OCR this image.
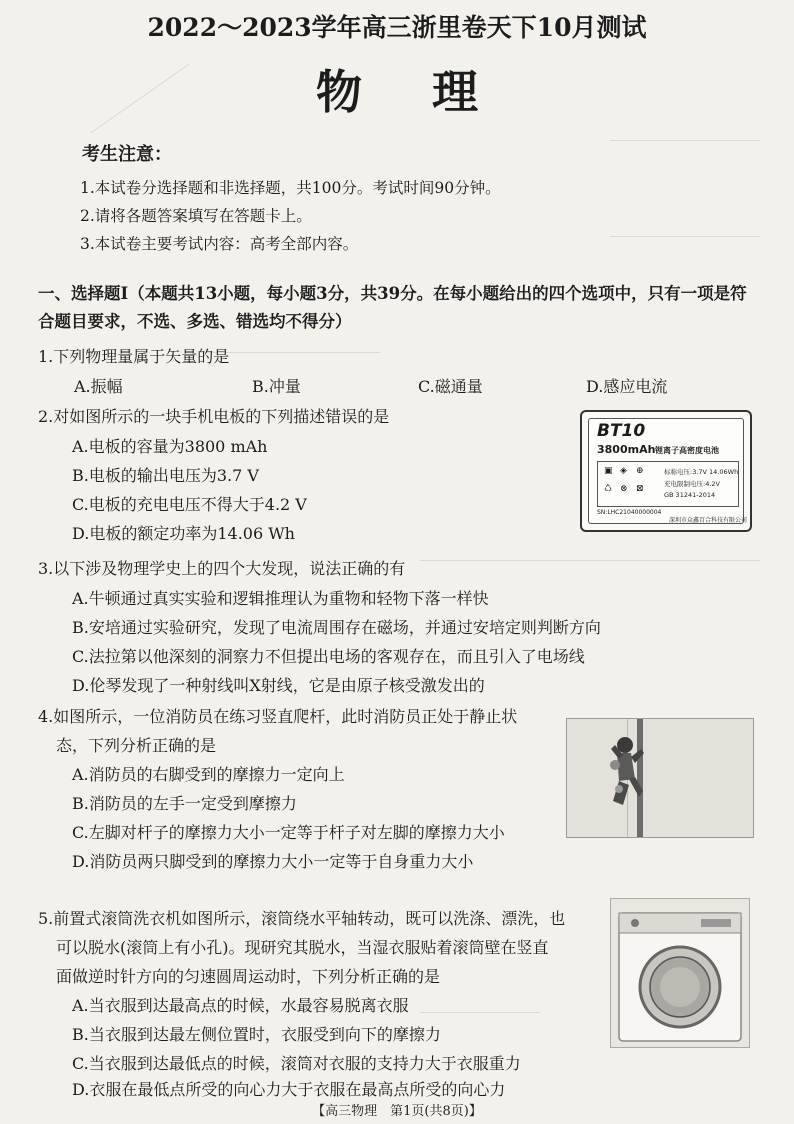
2022～2023学年高三浙里卷天下10月测试
物理
考生注意：
1.本试卷分选择题和非选择题，共100分。考试时间90分钟。
2.请将各题答案填写在答题卡上。
3.本试卷主要考试内容：高考全部内容。
一、选择题Ⅰ（本题共13小题，每小题3分，共39分。在每小题给出的四个选项中，只有一项是符合题目要求，不选、多选、错选均不得分）
1.下列物理量属于矢量的是
A.振幅	B.冲量	C.磁通量	D.感应电流
2.对如图所示的一块手机电板的下列描述错误的是
A.电板的容量为3800 mAh
B.电板的输出电压为3.7 V
C.电板的充电电压不得大于4.2 V
D.电板的额定功率为14.06 Wh
BT10
3800mAh 锂离子高密度电池
▣ ◈ ⊕
♺ ⊗ ⊠
标称电压:3.7V 14.06Wh
充电限制电压:4.2V
GB 31241-2014
SN:LHC21040000004
深圳市众鑫百合科技有限公司
3.以下涉及物理学史上的四个大发现，说法正确的有
A.牛顿通过真实实验和逻辑推理认为重物和轻物下落一样快
B.安培通过实验研究，发现了电流周围存在磁场，并通过安培定则判断方向
C.法拉第以他深刻的洞察力不但提出电场的客观存在，而且引入了电场线
D.伦琴发现了一种射线叫X射线，它是由原子核受激发出的
4.如图所示，一位消防员在练习竖直爬杆，此时消防员正处于静止状
态，下列分析正确的是
A.消防员的右脚受到的摩擦力一定向上
B.消防员的左手一定受到摩擦力
C.左脚对杆子的摩擦力大小一定等于杆子对左脚的摩擦力大小
D.消防员两只脚受到的摩擦力大小一定等于自身重力大小
5.前置式滚筒洗衣机如图所示，滚筒绕水平轴转动，既可以洗涤、漂洗，也
可以脱水(滚筒上有小孔)。现研究其脱水，当湿衣服贴着滚筒壁在竖直
面做逆时针方向的匀速圆周运动时，下列分析正确的是
A.当衣服到达最高点的时候，水最容易脱离衣服
B.当衣服到达最左侧位置时，衣服受到向下的摩擦力
C.当衣服到达最低点的时候，滚筒对衣服的支持力大于衣服重力
D.衣服在最低点所受的向心力大于衣服在最高点所受的向心力
【高三物理　第1页(共8页)】
